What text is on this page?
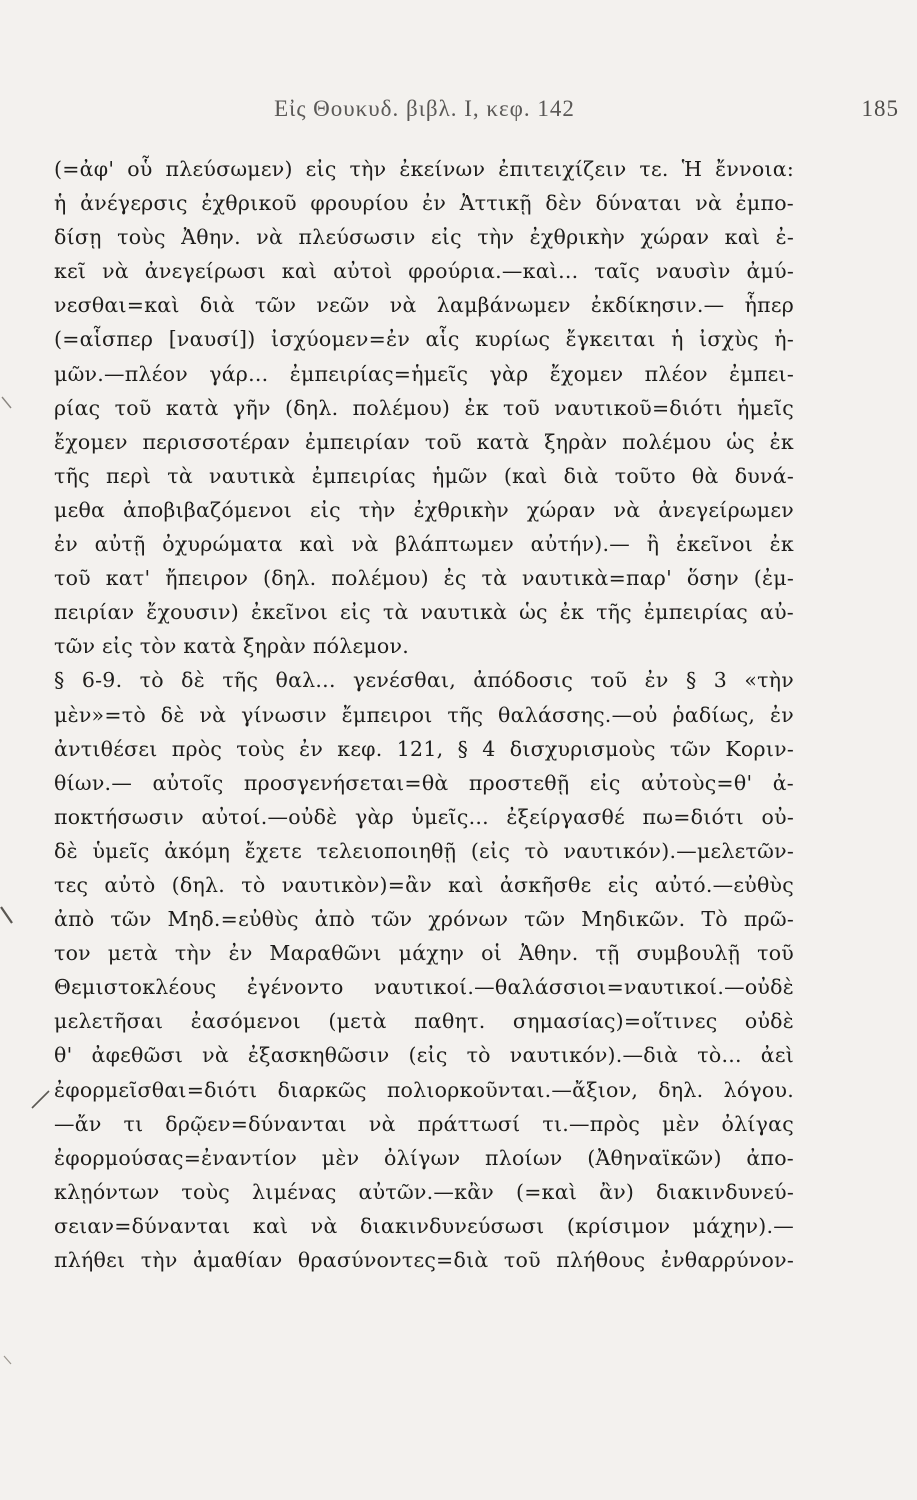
Εἰς Θουκυδ. βιβλ. I, κεφ. 142	185
(=ἀφ' οὗ πλεύσωμεν) εἰς τὴν ἐκείνων ἐπιτειχίζειν τε. Ἡ ἔννοια:
ἡ ἀνέγερσις ἐχθρικοῦ φρουρίου ἐν Ἀττικῇ δὲν δύναται νὰ ἐμπο-
δίσῃ τοὺς Ἀθην. νὰ πλεύσωσιν εἰς τὴν ἐχθρικὴν χώραν καὶ ἐ-
κεῖ νὰ ἀνεγείρωσι καὶ αὐτοὶ φρούρια.—καὶ... ταῖς ναυσὶν ἀμύ-
νεσθαι=καὶ διὰ τῶν νεῶν νὰ λαμβάνωμεν ἐκδίκησιν.— ἧπερ
(=αἷσπερ [ναυσί]) ἰσχύομεν=ἐν αἷς κυρίως ἔγκειται ἡ ἰσχὺς ἡ-
μῶν.—πλέον γάρ... ἐμπειρίας=ἡμεῖς γὰρ ἔχομεν πλέον ἐμπει-
ρίας τοῦ κατὰ γῆν (δηλ. πολέμου) ἐκ τοῦ ναυτικοῦ=διότι ἡμεῖς
ἔχομεν περισσοτέραν ἐμπειρίαν τοῦ κατὰ ξηρὰν πολέμου ὡς ἐκ
τῆς περὶ τὰ ναυτικὰ ἐμπειρίας ἡμῶν (καὶ διὰ τοῦτο θὰ δυνά-
μεθα ἀποβιβαζόμενοι εἰς τὴν ἐχθρικὴν χώραν νὰ ἀνεγείρωμεν
ἐν αὐτῇ ὀχυρώματα καὶ νὰ βλάπτωμεν αὐτήν).— ἢ ἐκεῖνοι ἐκ
τοῦ κατ' ἤπειρον (δηλ. πολέμου) ἐς τὰ ναυτικὰ=παρ' ὅσην (ἐμ-
πειρίαν ἔχουσιν) ἐκεῖνοι εἰς τὰ ναυτικὰ ὡς ἐκ τῆς ἐμπειρίας αὐ-
τῶν εἰς τὸν κατὰ ξηρὰν πόλεμον.
§ 6-9. τὸ δὲ τῆς θαλ... γενέσθαι, ἀπόδοσις τοῦ ἐν § 3 «τὴν
μὲν»=τὸ δὲ νὰ γίνωσιν ἔμπειροι τῆς θαλάσσης.—οὐ ῥαδίως, ἐν
ἀντιθέσει πρὸς τοὺς ἐν κεφ. 121, § 4 δισχυρισμοὺς τῶν Κοριν-
θίων.— αὐτοῖς προσγενήσεται=θὰ προστεθῇ εἰς αὐτοὺς=θ' ἀ-
ποκτήσωσιν αὐτοί.—οὐδὲ γὰρ ὑμεῖς... ἐξείργασθέ πω=διότι οὐ-
δὲ ὑμεῖς ἀκόμη ἔχετε τελειοποιηθῇ (εἰς τὸ ναυτικόν).—μελετῶν-
τες αὐτὸ (δηλ. τὸ ναυτικὸν)=ἂν καὶ ἀσκῆσθε εἰς αὐτό.—εὐθὺς
ἀπὸ τῶν Μηδ.=εὐθὺς ἀπὸ τῶν χρόνων τῶν Μηδικῶν. Τὸ πρῶ-
τον μετὰ τὴν ἐν Μαραθῶνι μάχην οἱ Ἀθην. τῇ συμβουλῇ τοῦ
Θεμιστοκλέους ἐγένοντο ναυτικοί.—θαλάσσιοι=ναυτικοί.—οὐδὲ
μελετῆσαι ἐασόμενοι (μετὰ παθητ. σημασίας)=οἵτινες οὐδὲ
θ' ἀφεθῶσι νὰ ἐξασκηθῶσιν (εἰς τὸ ναυτικόν).—διὰ τὸ... ἀεὶ
ἐφορμεῖσθαι=διότι διαρκῶς πολιορκοῦνται.—ἄξιον, δηλ. λόγου.
—ἄν τι δρῷεν=δύνανται νὰ πράττωσί τι.—πρὸς μὲν ὀλίγας
ἐφορμούσας=ἐναντίον μὲν ὀλίγων πλοίων (Ἀθηναϊκῶν) ἀπο-
κλῃόντων τοὺς λιμένας αὐτῶν.—κἂν (=καὶ ἂν) διακινδυνεύ-
σειαν=δύνανται καὶ νὰ διακινδυνεύσωσι (κρίσιμον μάχην).—
πλήθει τὴν ἀμαθίαν θρασύνοντες=διὰ τοῦ πλήθους ἐνθαρρύνον-
